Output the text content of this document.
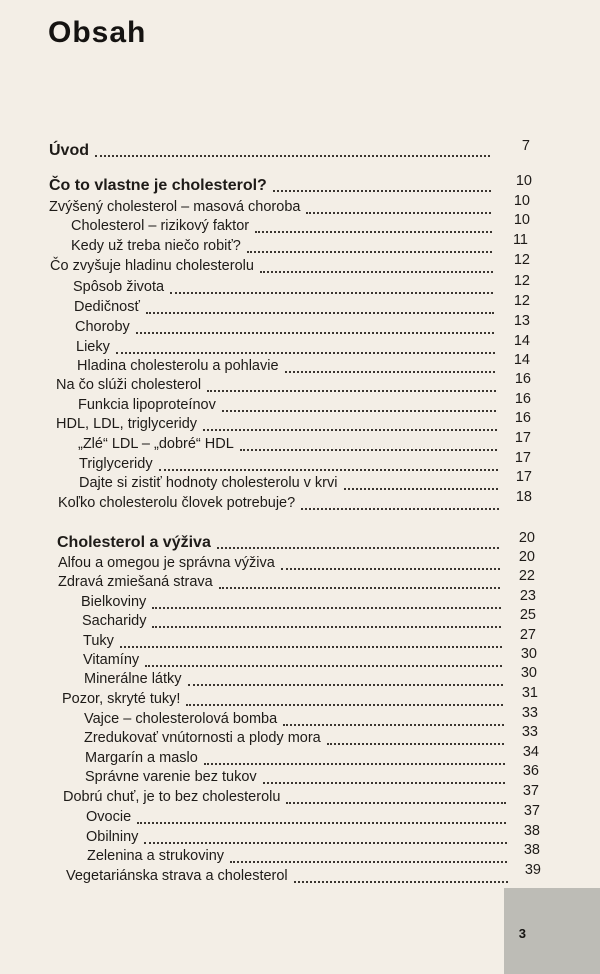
Obsah
Úvod	7
Čo to vlastne je cholesterol?	10
Zvýšený cholesterol – masová choroba	10
Cholesterol – rizikový faktor	10
Kedy už treba niečo robiť?	11
Čo zvyšuje hladinu cholesterolu	12
Spôsob života	12
Dedičnosť	12
Choroby	13
Lieky	14
Hladina cholesterolu a pohlavie	14
Na čo slúži cholesterol	16
Funkcia lipoproteínov	16
HDL, LDL, triglyceridy	16
„Zlé“ LDL – „dobré“ HDL	17
Triglyceridy	17
Dajte si zistiť hodnoty cholesterolu v krvi	17
Koľko cholesterolu človek potrebuje?	18
Cholesterol a výživa	20
Alfou a omegou je správna výživa	20
Zdravá zmiešaná strava	22
Bielkoviny	23
Sacharidy	25
Tuky	27
Vitamíny	30
Minerálne látky	30
Pozor, skryté tuky!	31
Vajce – cholesterolová bomba	33
Zredukovať vnútornosti a plody mora	33
Margarín a maslo	34
Správne varenie bez tukov	36
Dobrú chuť, je to bez cholesterolu	37
Ovocie	37
Obilniny	38
Zelenina a strukoviny	38
Vegetariánska strava a cholesterol	39
3
